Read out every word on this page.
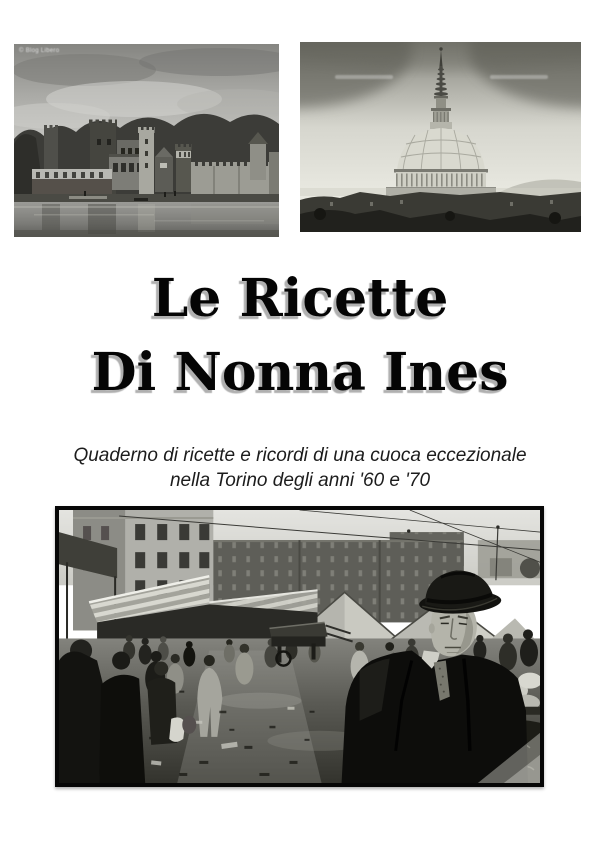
© Blog Libero
Le Ricette
Di Nonna Ines

Quaderno di ricette e ricordi di una cuoca eccezionale
nella Torino degli anni '60 e '70
